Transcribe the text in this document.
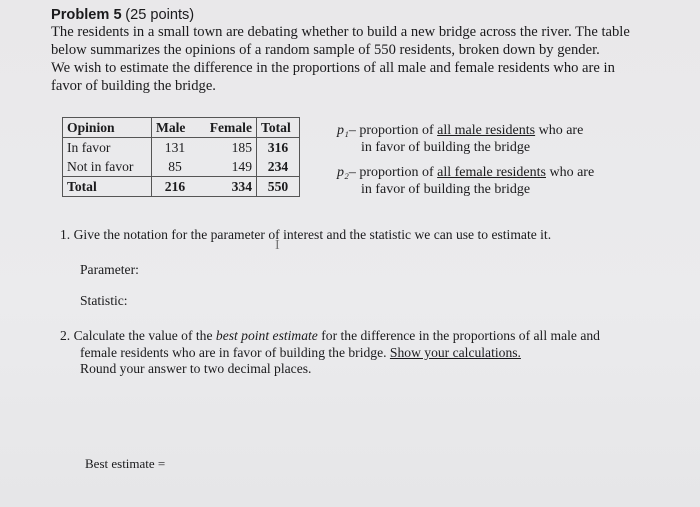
Problem 5 (25 points)
The residents in a small town are debating whether to build a new bridge across the river. The table
below summarizes the opinions of a random sample of 550 residents, broken down by gender.
We wish to estimate the difference in the proportions of all male and female residents who are in
favor of building the bridge.
Opinion	Male	Female	Total
In favor	131	185	316
Not in favor	85	149	234
Total	216	334	550
p₁– proportion of all male residents who are
in favor of building the bridge
p₂– proportion of all female residents who are
in favor of building the bridge
1. Give the notation for the parameter of interest and the statistic we can use to estimate it.
I
Parameter:
Statistic:
2. Calculate the value of the best point estimate for the difference in the proportions of all male and
female residents who are in favor of building the bridge. Show your calculations.
Round your answer to two decimal places.
Best estimate =
